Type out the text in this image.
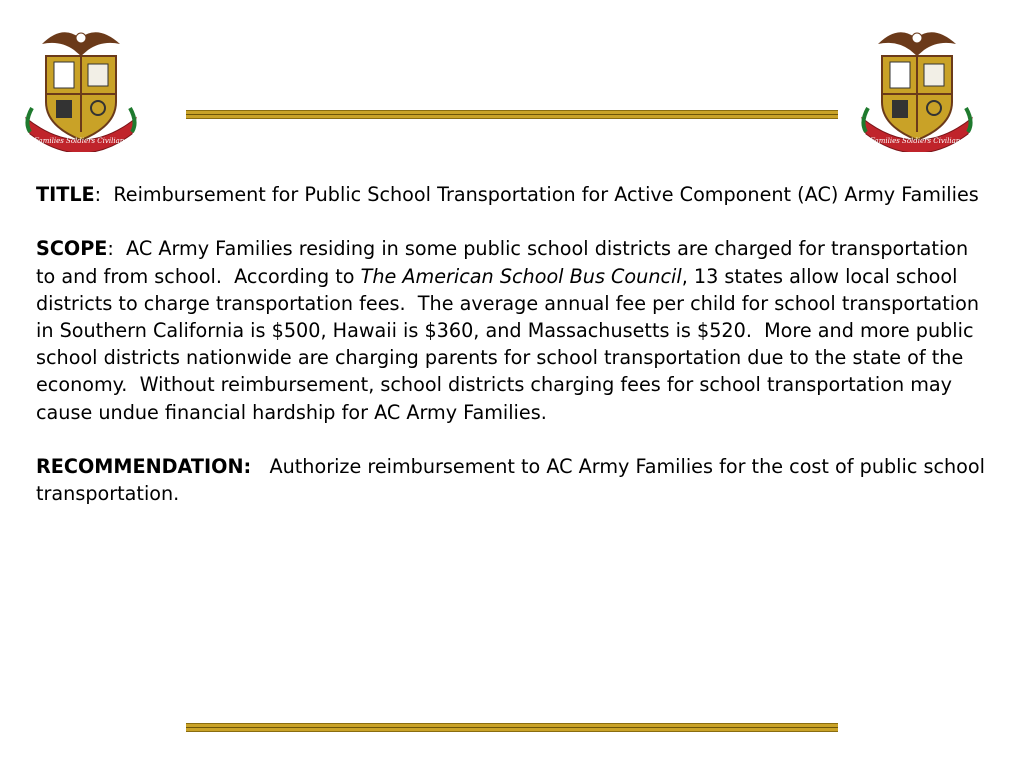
Families Soldiers Civilians	Families Soldiers Civilians

TITLE:  Reimbursement for Public School Transportation for Active Component (AC) Army Families

SCOPE:  AC Army Families residing in some public school districts are charged for transportation to and from school.  According to The American School Bus Council, 13 states allow local school districts to charge transportation fees.  The average annual fee per child for school transportation in Southern California is $500, Hawaii is $360, and Massachusetts is $520.  More and more public school districts nationwide are charging parents for school transportation due to the state of the economy.  Without reimbursement, school districts charging fees for school transportation may cause undue financial hardship for AC Army Families.

RECOMMENDATION:   Authorize reimbursement to AC Army Families for the cost of public school transportation.
